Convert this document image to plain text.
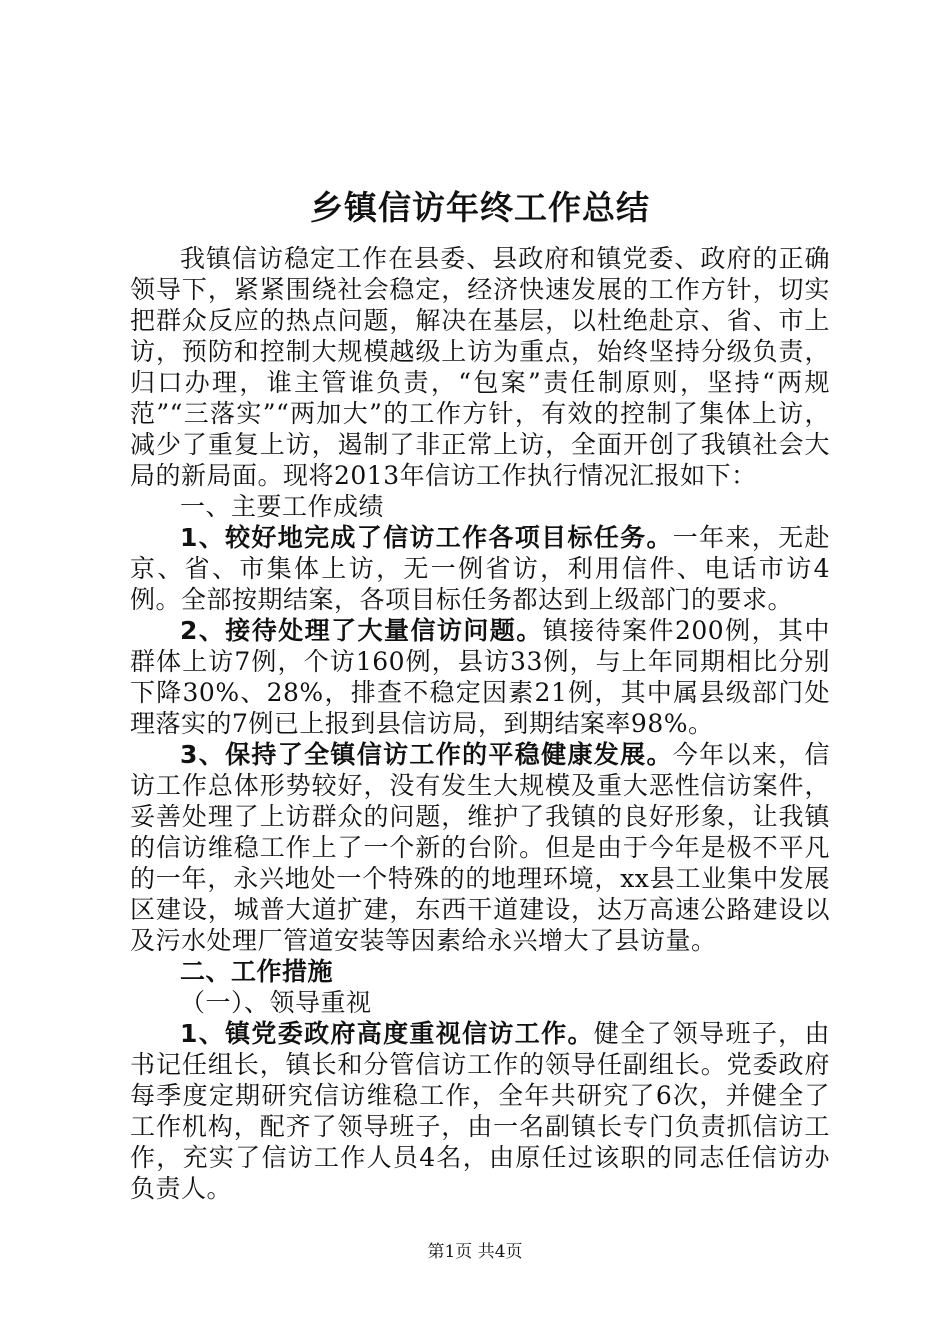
乡镇信访年终工作总结

我镇信访稳定工作在县委、县政府和镇党委、政府的正确领导下，紧紧围绕社会稳定，经济快速发展的工作方针，切实把群众反应的热点问题，解决在基层，以杜绝赴京、省、市上访，预防和控制大规模越级上访为重点，始终坚持分级负责，归口办理，谁主管谁负责，“包案”责任制原则，坚持“两规范”“三落实”“两加大”的工作方针，有效的控制了集体上访，减少了重复上访，遏制了非正常上访，全面开创了我镇社会大局的新局面。现将2013年信访工作执行情况汇报如下：

一、主要工作成绩

1、较好地完成了信访工作各项目标任务。一年来，无赴京、省、市集体上访，无一例省访，利用信件、电话市访4例。全部按期结案，各项目标任务都达到上级部门的要求。

2、接待处理了大量信访问题。镇接待案件200例，其中群体上访7例，个访160例，县访33例，与上年同期相比分别下降30%、28%，排查不稳定因素21例，其中属县级部门处理落实的7例已上报到县信访局，到期结案率98%。

3、保持了全镇信访工作的平稳健康发展。今年以来，信访工作总体形势较好，没有发生大规模及重大恶性信访案件，妥善处理了上访群众的问题，维护了我镇的良好形象，让我镇的信访维稳工作上了一个新的台阶。但是由于今年是极不平凡的一年，永兴地处一个特殊的的地理环境，xx县工业集中发展区建设，城普大道扩建，东西干道建设，达万高速公路建设以及污水处理厂管道安装等因素给永兴增大了县访量。

二、工作措施

（一）、领导重视

1、镇党委政府高度重视信访工作。健全了领导班子，由书记任组长，镇长和分管信访工作的领导任副组长。党委政府每季度定期研究信访维稳工作，全年共研究了6次，并健全了工作机构，配齐了领导班子，由一名副镇长专门负责抓信访工作，充实了信访工作人员4名，由原任过该职的同志任信访办负责人。

第1页 共4页
